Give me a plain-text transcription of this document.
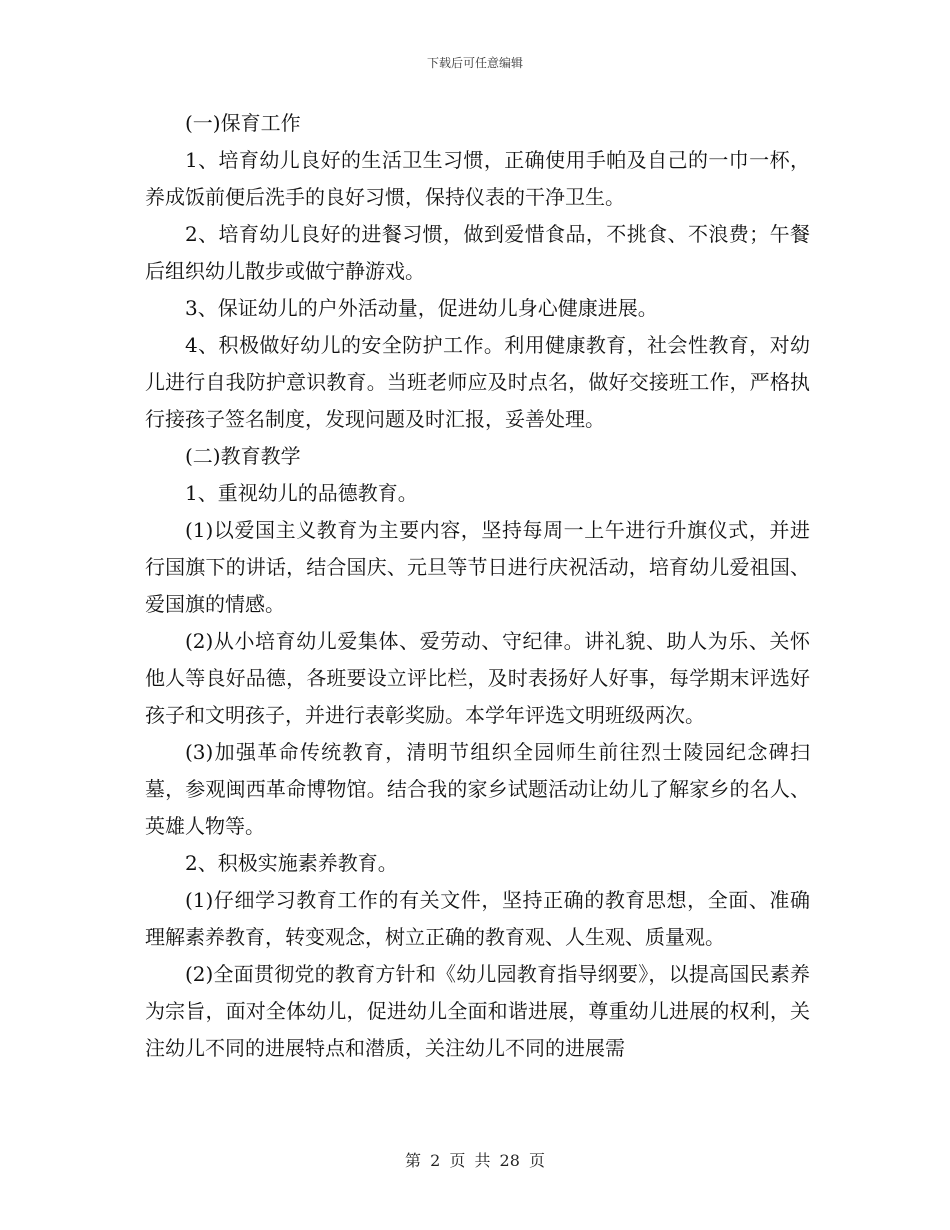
下载后可任意编辑

(一)保育工作

1、培育幼儿良好的生活卫生习惯，正确使用手帕及自己的一巾一杯，养成饭前便后洗手的良好习惯，保持仪表的干净卫生。

2、培育幼儿良好的进餐习惯，做到爱惜食品，不挑食、不浪费；午餐后组织幼儿散步或做宁静游戏。

3、保证幼儿的户外活动量，促进幼儿身心健康进展。

4、积极做好幼儿的安全防护工作。利用健康教育，社会性教育，对幼儿进行自我防护意识教育。当班老师应及时点名，做好交接班工作，严格执行接孩子签名制度，发现问题及时汇报，妥善处理。

(二)教育教学

1、重视幼儿的品德教育。

(1)以爱国主义教育为主要内容，坚持每周一上午进行升旗仪式，并进行国旗下的讲话，结合国庆、元旦等节日进行庆祝活动，培育幼儿爱祖国、爱国旗的情感。

(2)从小培育幼儿爱集体、爱劳动、守纪律。讲礼貌、助人为乐、关怀他人等良好品德，各班要设立评比栏，及时表扬好人好事，每学期末评选好孩子和文明孩子，并进行表彰奖励。本学年评选文明班级两次。

(3)加强革命传统教育，清明节组织全园师生前往烈士陵园纪念碑扫墓，参观闽西革命博物馆。结合我的家乡试题活动让幼儿了解家乡的名人、英雄人物等。

2、积极实施素养教育。

(1)仔细学习教育工作的有关文件，坚持正确的教育思想，全面、准确理解素养教育，转变观念，树立正确的教育观、人生观、质量观。

(2)全面贯彻党的教育方针和《幼儿园教育指导纲要》，以提高国民素养为宗旨，面对全体幼儿，促进幼儿全面和谐进展，尊重幼儿进展的权利，关注幼儿不同的进展特点和潜质，关注幼儿不同的进展需

第 2 页 共 28 页
